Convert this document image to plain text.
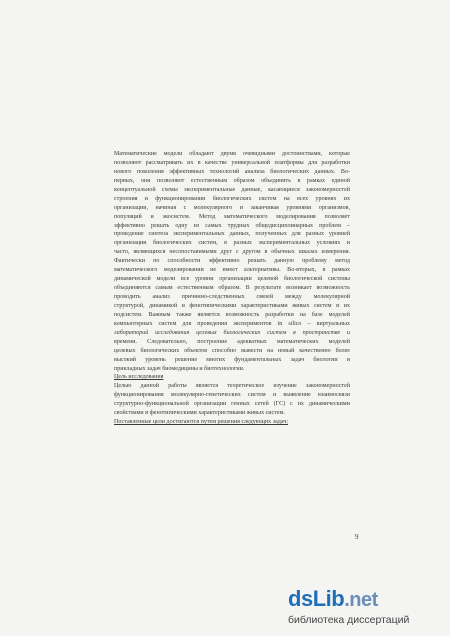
Математические модели обладают двумя очевидными достоинствами, которые
позволяют рассматривать их в качестве универсальной платформы для разработки
нового поколения эффективных технологий анализа биологических данных. Во-
первых, они позволяют естественным образом объединить в рамках единой
концептуальной схемы экспериментальные данные, касающиеся закономерностей
строения и функционировании биологических систем на всех уровнях их
организации, начиная с молекулярного и заканчивая уровнями организмов,
популяций и экосистем. Метод математического моделирования позволяет
эффективно решать одну из самых трудных общедисциплинарных проблем –
проведение синтеза экспериментальных данных, полученных для разных уровней
организации биологических систем, в разных экспериментальных условиях и
часто, являющихся несопоставимыми друг с другом в обычных шкалах измерения.
Фактически по способности эффективно решать данную проблему метод
математического моделировании не имеет альтернативы. Во-вторых, в рамках
динамической модели все уровни организации целевой биологической системы
объединяются самым естественным образом. В результате возникает возможность
проводить анализ причинно-следственных связей между молекулярной
структурой, динамикой и фенотипическими характеристиками живых систем и их
подсистем. Важным также является возможность разработки на базе моделей
компьютерных систем для проведения экспериментов in silico – виртуальных
лабораторий исследования целевых биологических систем в пространстве и
времени. Следовательно, построение адекватных математических моделей
целевых биологических объектов способно вывести на новый качественно более
высокий уровень решение многих фундаментальных задач биологии и
прикладных задач биомедицины и биотехнологии.
Цель исследования
Целью данной работы является теоретическое изучение закономерностей
функционирования молекулярно-генетических систем и выявление взаимосвязи
структурно-функциональной организации генных сетей (ГС) с их динамическими
свойствами и фенотипическими характеристиками живых систем.
Поставленные цели достигаются путем решения следующих задач:
9
dsLib.net
библиотека диссертаций
